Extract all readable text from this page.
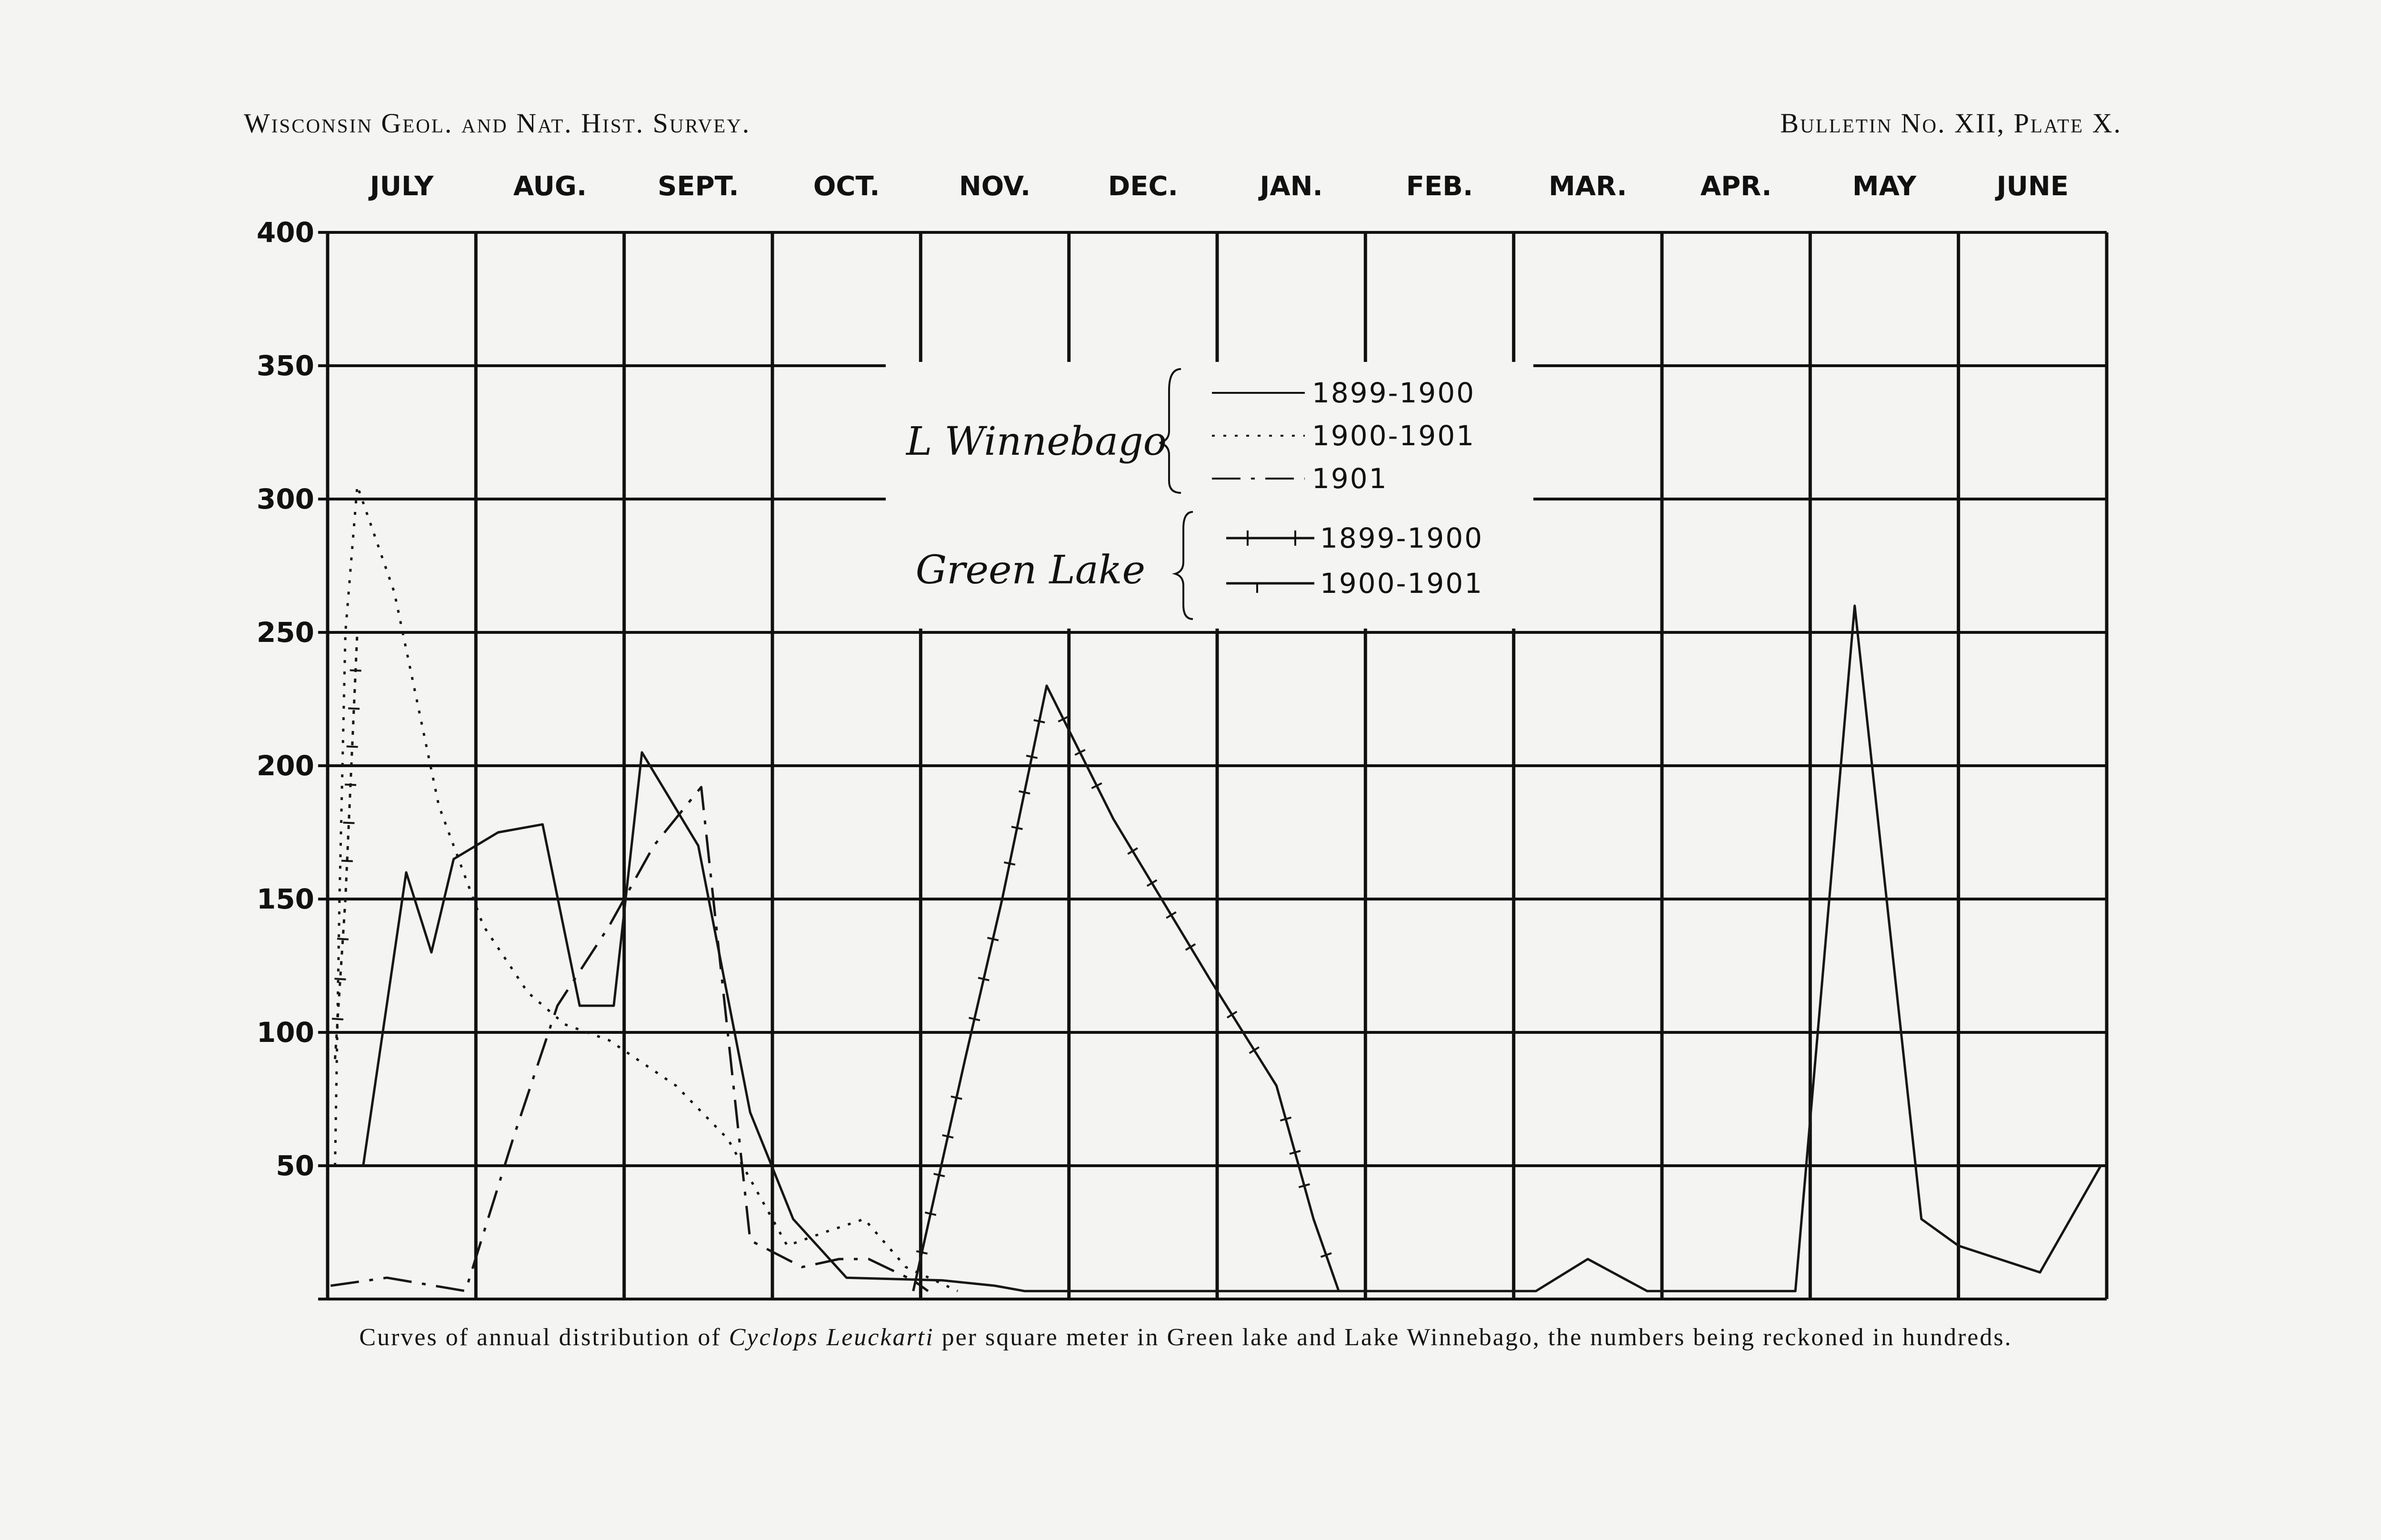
Wisconsin Geol. and Nat. Hist. Survey.	Bulletin No. XII, Plate X.
JULY	AUG.	SEPT.	OCT.	NOV.	DEC.	JAN.	FEB.	MAR.	APR.	MAY	JUNE
50
100
150
200
250
300
350
400
L Winnebago
1899-1900
1900-1901
1901
Green Lake
1899-1900
1900-1901
Curves of annual distribution of Cyclops Leuckarti per square meter in Green lake and Lake Winnebago, the numbers being reckoned in hundreds.
